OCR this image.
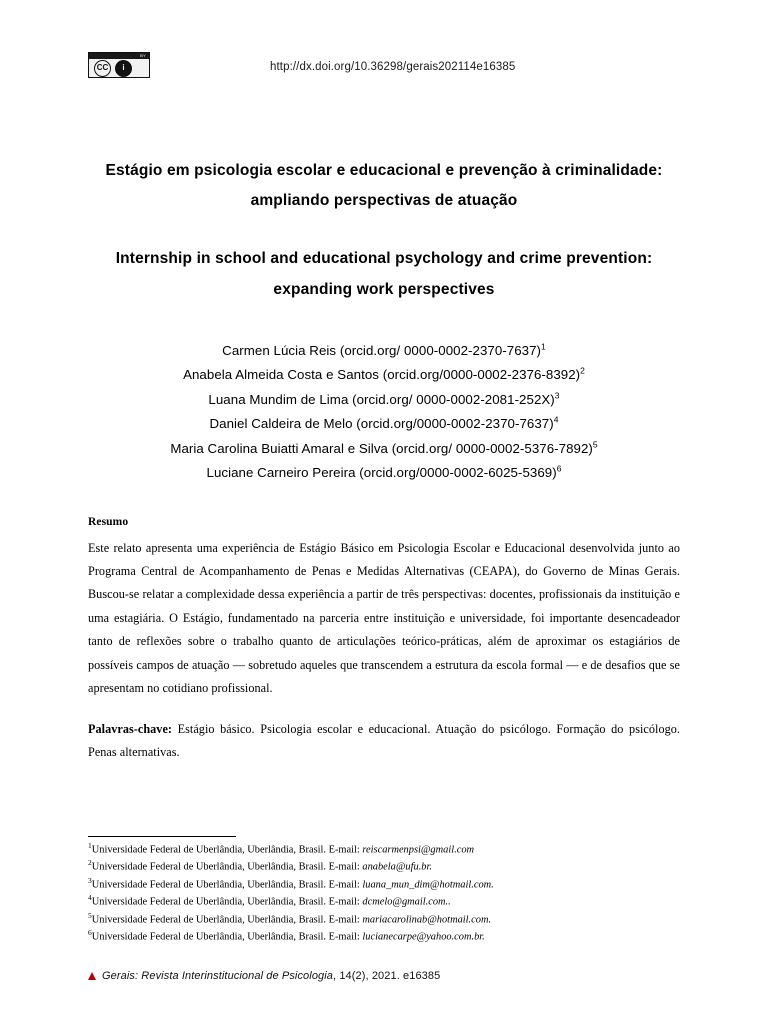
BY
CC	i	http://dx.doi.org/10.36298/gerais202114e16385
Estágio em psicologia escolar e educacional e prevenção à criminalidade: ampliando perspectivas de atuação
Internship in school and educational psychology and crime prevention: expanding work perspectives
Carmen Lúcia Reis (orcid.org/ 0000-0002-2370-7637)$^1$
Anabela Almeida Costa e Santos (orcid.org/0000-0002-2376-8392)$^2$
Luana Mundim de Lima (orcid.org/ 0000-0002-2081-252X)$^3$
Daniel Caldeira de Melo (orcid.org/0000-0002-2370-7637)$^4$
Maria Carolina Buiatti Amaral e Silva (orcid.org/ 0000-0002-5376-7892)$^5$
Luciane Carneiro Pereira (orcid.org/0000-0002-6025-5369)$^6$
Resumo

Este relato apresenta uma experiência de Estágio Básico em Psicologia Escolar e Educacional desenvolvida junto ao Programa Central de Acompanhamento de Penas e Medidas Alternativas (CEAPA), do Governo de Minas Gerais. Buscou-se relatar a complexidade dessa experiência a partir de três perspectivas: docentes, profissionais da instituição e uma estagiária. O Estágio, fundamentado na parceria entre instituição e universidade, foi importante desencadeador tanto de reflexões sobre o trabalho quanto de articulações teórico-práticas, além de aproximar os estagiários de possíveis campos de atuação — sobretudo aqueles que transcendem a estrutura da escola formal — e de desafios que se apresentam no cotidiano profissional.

Palavras-chave: Estágio básico. Psicologia escolar e educacional. Atuação do psicólogo. Formação do psicólogo. Penas alternativas.
$^1$Universidade Federal de Uberlândia, Uberlândia, Brasil. E-mail: reiscarmenpsi@gmail.com
$^2$Universidade Federal de Uberlândia, Uberlândia, Brasil. E-mail: anabela@ufu.br.
$^3$Universidade Federal de Uberlândia, Uberlândia, Brasil. E-mail: luana_mun_dim@hotmail.com.
$^4$Universidade Federal de Uberlândia, Uberlândia, Brasil. E-mail: dcmelo@gmail.com..
$^5$Universidade Federal de Uberlândia, Uberlândia, Brasil. E-mail: mariacarolinab@hotmail.com.
$^6$Universidade Federal de Uberlândia, Uberlândia, Brasil. E-mail: lucianecarpe@yahoo.com.br.
Gerais: Revista Interinstitucional de Psicologia, 14(2), 2021. e16385
